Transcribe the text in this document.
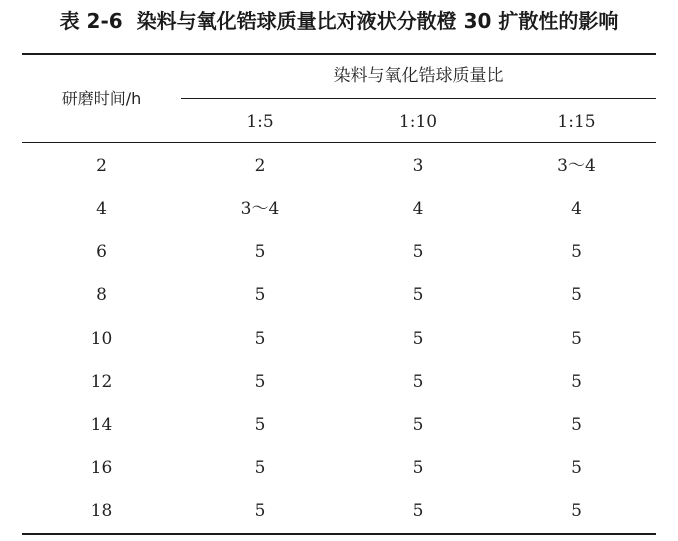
表 2-6 染料与氧化锆球质量比对液状分散橙 30 扩散性的影响
染料与氧化锆球质量比
研磨时间/h
1:5	1:10	1:15
2	2	3	3～4
4	3～4	4	4
6	5	5	5
8	5	5	5
10	5	5	5
12	5	5	5
14	5	5	5
16	5	5	5
18	5	5	5
